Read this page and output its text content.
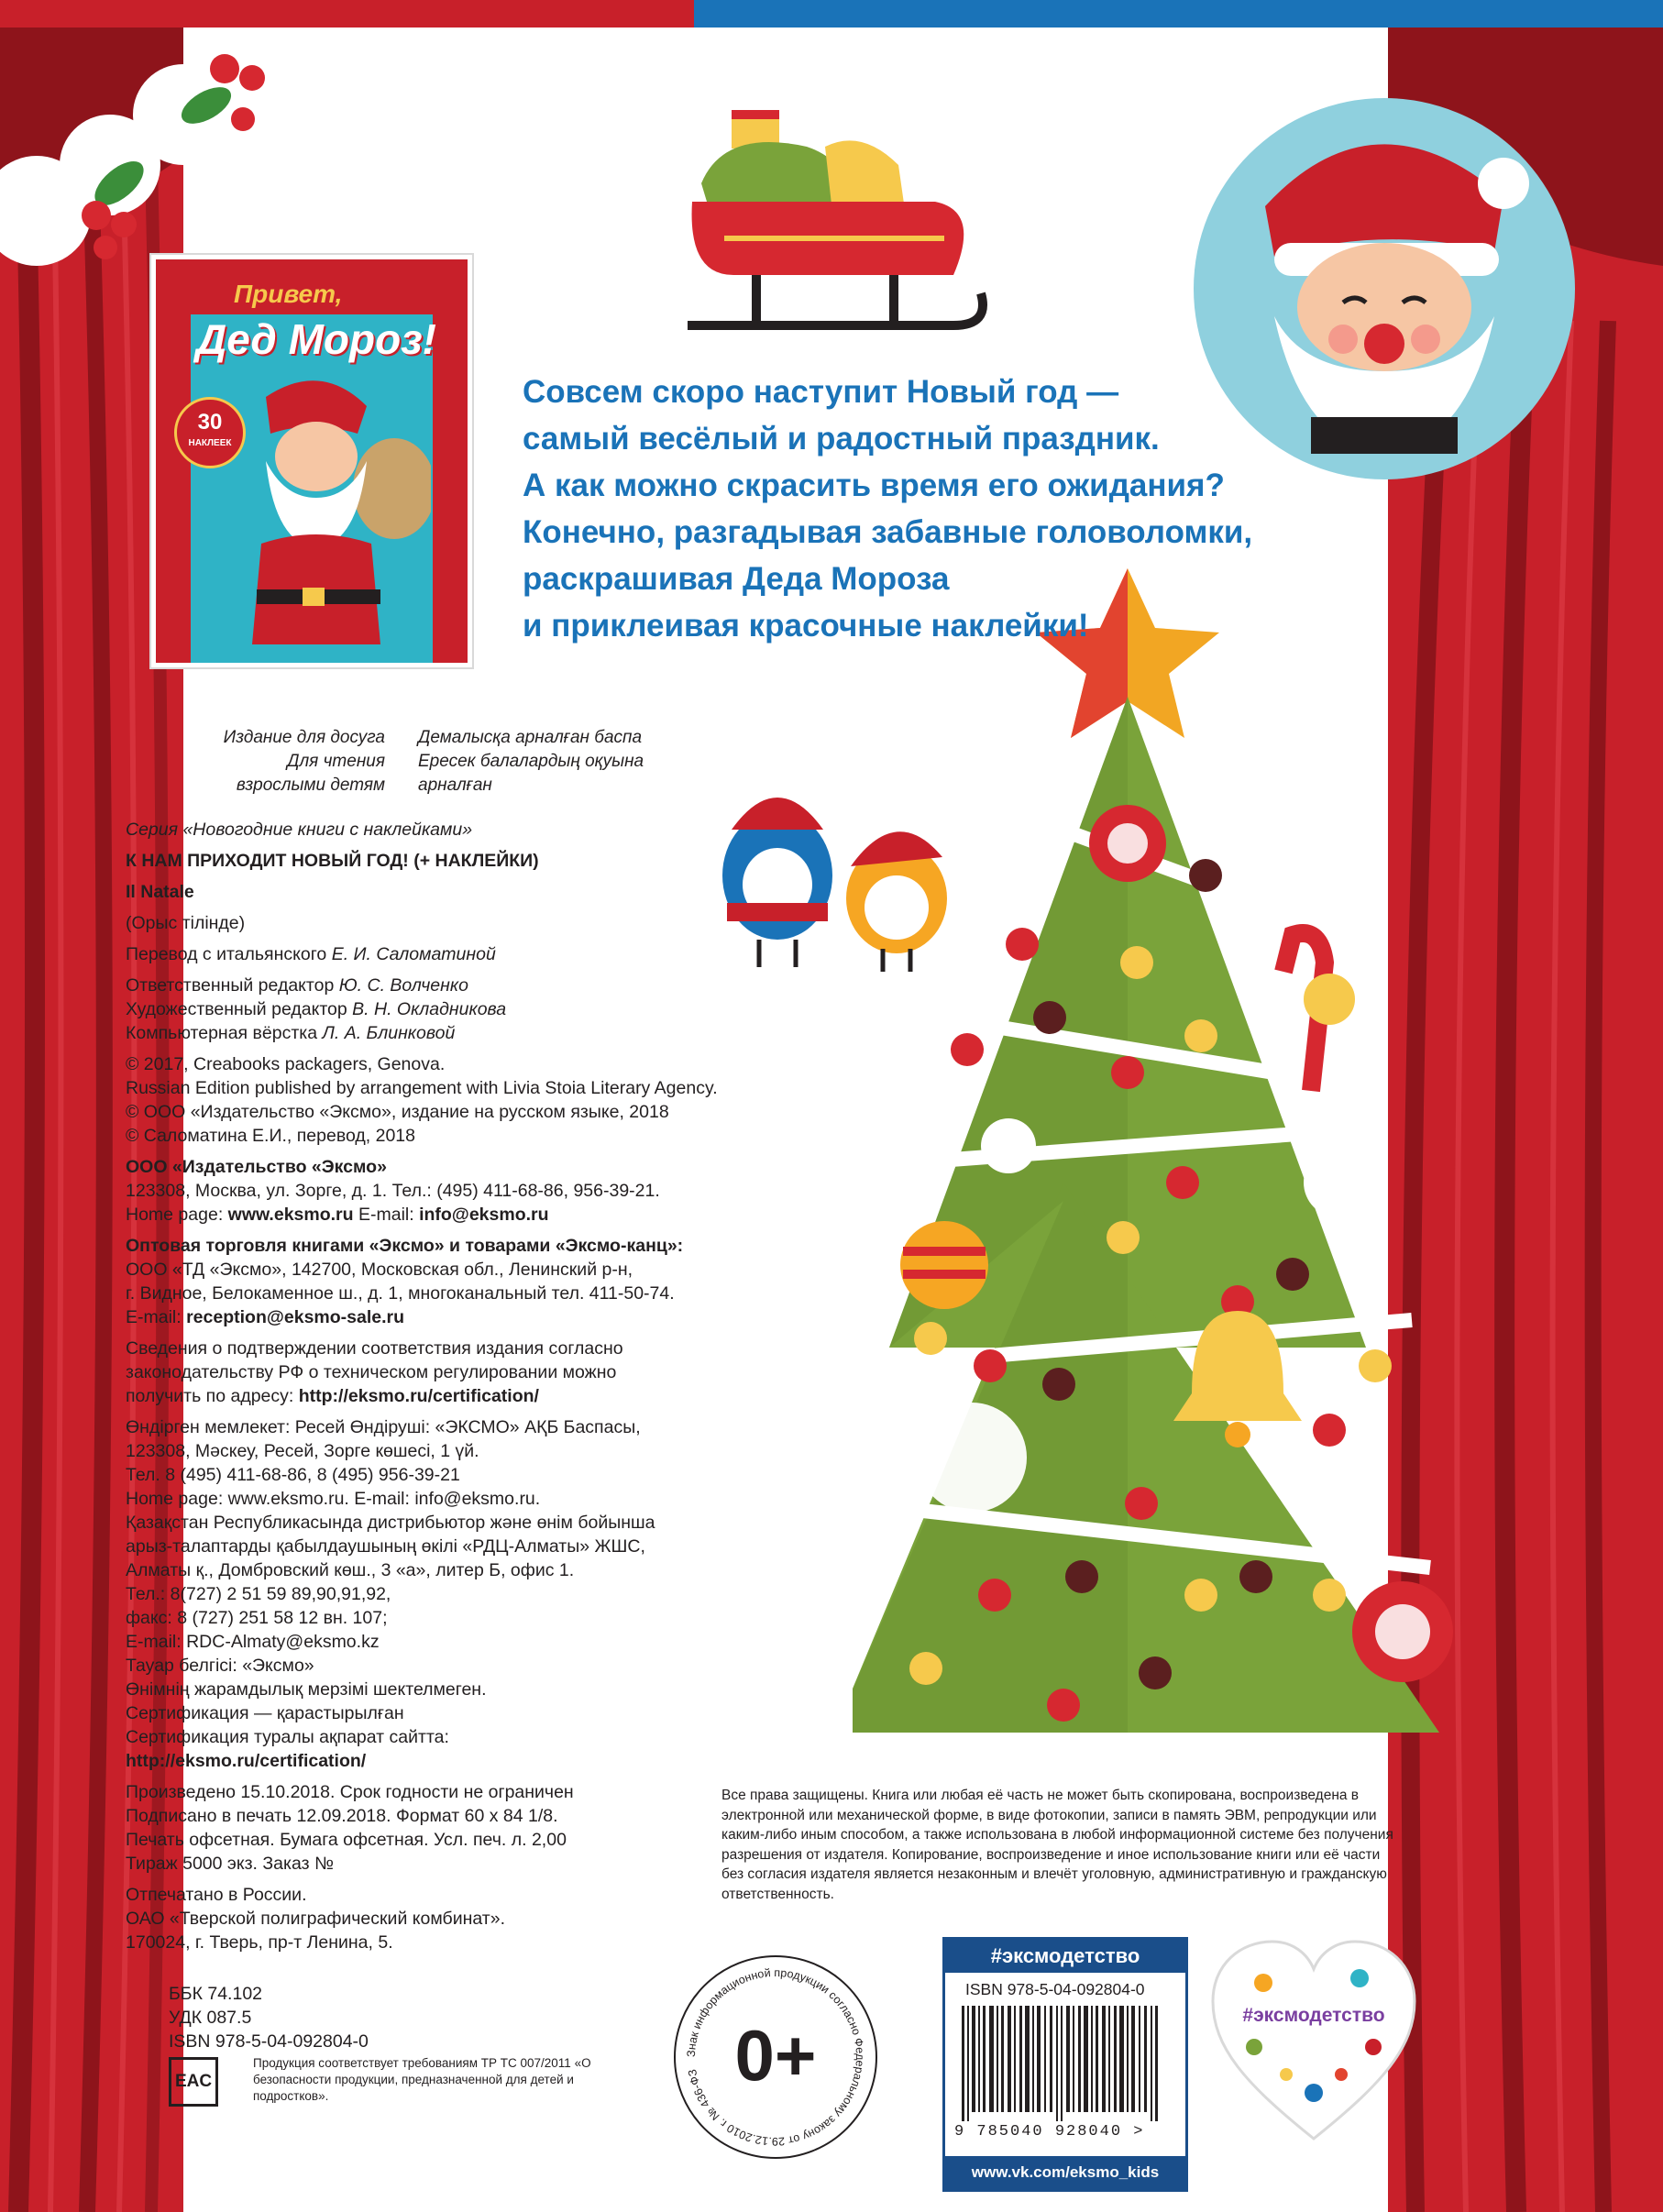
Совсем скоро наступит Новый год —
самый весёлый и радостный праздник.
А как можно скрасить время его ожидания?
Конечно, разгадывая забавные головоломки,
раскрашивая Деда Мороза
и приклеивая красочные наклейки!
Привет,
Дед Мороз!
30
НАКЛЕЕК
Издание для досуга
Для чтения
взрослыми детям
Демалысқа арналған баспа
Ересек балалардың оқуына
арналған

Серия «Новогодние книги с наклейками»

К НАМ ПРИХОДИТ НОВЫЙ ГОД! (+ НАКЛЕЙКИ)

Il Natale

(Орыс тілінде)

Перевод с итальянского Е. И. Саломатиной

Ответственный редактор Ю. С. Волченко

Художественный редактор В. Н. Окладникова

Компьютерная вёрстка Л. А. Блинковой

© 2017, Creabooks packagers, Genova.

Russian Edition published by arrangement with Livia Stoia Literary Agency.

© ООО «Издательство «Эксмо», издание на русском языке, 2018

© Саломатина Е.И., перевод, 2018

ООО «Издательство «Эксмо»

123308, Москва, ул. Зорге, д. 1. Тел.: (495) 411-68-86, 956-39-21.

Home page: www.eksmo.ru E-mail: info@eksmo.ru

Оптовая торговля книгами «Эксмо» и товарами «Эксмо-канц»:

ООО «ТД «Эксмо», 142700, Московская обл., Ленинский р-н,

г. Видное, Белокаменное ш., д. 1, многоканальный тел. 411-50-74.

E-mail: reception@eksmo-sale.ru

Сведения о подтверждении соответствия издания согласно

законодательству РФ о техническом регулировании можно

получить по адресу: http://eksmo.ru/certification/

Өндірген мемлекет: Ресей Өндіруші: «ЭКСМО» АҚБ Баспасы,

123308, Мәскеу, Ресей, Зорге көшесі, 1 үй.

Тел. 8 (495) 411-68-86, 8 (495) 956-39-21

Home page: www.eksmo.ru. E-mail: info@eksmo.ru.

Қазақстан Республикасында дистрибьютор және өнім бойынша

арыз-талаптарды қабылдаушының өкілі «РДЦ-Алматы» ЖШС,

Алматы қ., Домбровский көш., 3 «а», литер Б, офис 1.

Тел.: 8(727) 2 51 59 89,90,91,92,

факс: 8 (727) 251 58 12 вн. 107;

E-mail: RDC-Almaty@eksmo.kz

Тауар белгісі: «Эксмо»

Өнімнің жарамдылық мерзімі шектелмеген.

Сертификация — қарастырылған

Сертификация туралы ақпарат сайтта:

http://eksmo.ru/certification/

Произведено 15.10.2018. Срок годности не ограничен

Подписано в печать 12.09.2018. Формат 60 x 84 1/8.

Печать офсетная. Бумага офсетная. Усл. печ. л. 2,00

Тираж 5000 экз. Заказ №

Отпечатано в России.

ОАО «Тверской полиграфический комбинат».

170024, г. Тверь, пр-т Ленина, 5.

Все права защищены. Книга или любая её часть не может быть скопирована, воспроизведена в электронной или механической форме, в виде фотокопии, записи в память ЭВМ, репродукции или каким-либо иным способом, а также использована в любой информационной системе без получения разрешения от издателя. Копирование, воспроизведение и иное использование книги или её части без согласия издателя является незаконным и влечёт уголовную, административную и гражданскую ответственность.
ББК 74.102
УДК 087.5
ISBN 978-5-04-092804-0
EAC
Продукция соответствует требованиям ТР ТС 007/2011 «О безопасности продукции, предназначенной для детей и подростков».
Знак информационной продукции согласно Федеральному закону от 29.12.2010 г. № 436-ФЗ 0+
#эксмодетство
ISBN 978-5-04-092804-0
9 785040 928040 >
www.vk.com/eksmo_kids
#эксмодетство
